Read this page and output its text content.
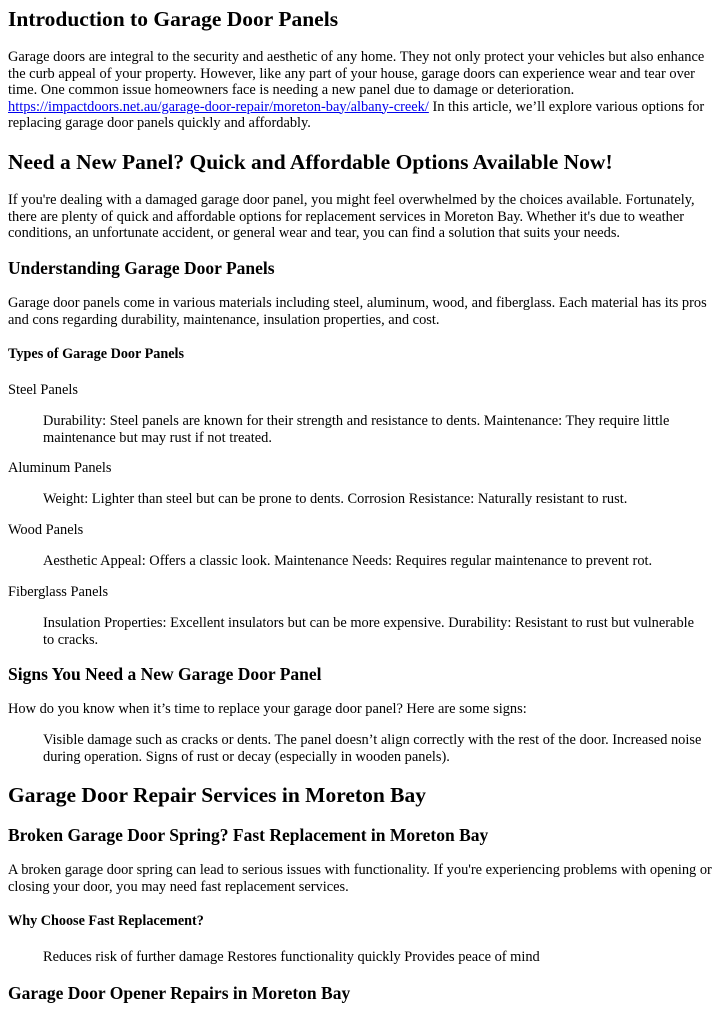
Introduction to Garage Door Panels

Garage doors are integral to the security and aesthetic of any home. They not only protect your vehicles but also enhance the curb appeal of your property. However, like any part of your house, garage doors can experience wear and tear over time. One common issue homeowners face is needing a new panel due to damage or deterioration. https://impactdoors.net.au/garage-door-repair/moreton-bay/albany-creek/ In this article, we’ll explore various options for replacing garage door panels quickly and affordably.

Need a New Panel? Quick and Affordable Options Available Now!

If you're dealing with a damaged garage door panel, you might feel overwhelmed by the choices available. Fortunately, there are plenty of quick and affordable options for replacement services in Moreton Bay. Whether it's due to weather conditions, an unfortunate accident, or general wear and tear, you can find a solution that suits your needs.

Understanding Garage Door Panels

Garage door panels come in various materials including steel, aluminum, wood, and fiberglass. Each material has its pros and cons regarding durability, maintenance, insulation properties, and cost.

Types of Garage Door Panels

Steel Panels

Durability: Steel panels are known for their strength and resistance to dents. Maintenance: They require little maintenance but may rust if not treated.

Aluminum Panels

Weight: Lighter than steel but can be prone to dents. Corrosion Resistance: Naturally resistant to rust.

Wood Panels

Aesthetic Appeal: Offers a classic look. Maintenance Needs: Requires regular maintenance to prevent rot.

Fiberglass Panels

Insulation Properties: Excellent insulators but can be more expensive. Durability: Resistant to rust but vulnerable to cracks.

Signs You Need a New Garage Door Panel

How do you know when it’s time to replace your garage door panel? Here are some signs:

Visible damage such as cracks or dents. The panel doesn’t align correctly with the rest of the door. Increased noise during operation. Signs of rust or decay (especially in wooden panels).

Garage Door Repair Services in Moreton Bay
Broken Garage Door Spring? Fast Replacement in Moreton Bay

A broken garage door spring can lead to serious issues with functionality. If you're experiencing problems with opening or closing your door, you may need fast replacement services.

Why Choose Fast Replacement?

Reduces risk of further damage Restores functionality quickly Provides peace of mind

Garage Door Opener Repairs in Moreton Bay
